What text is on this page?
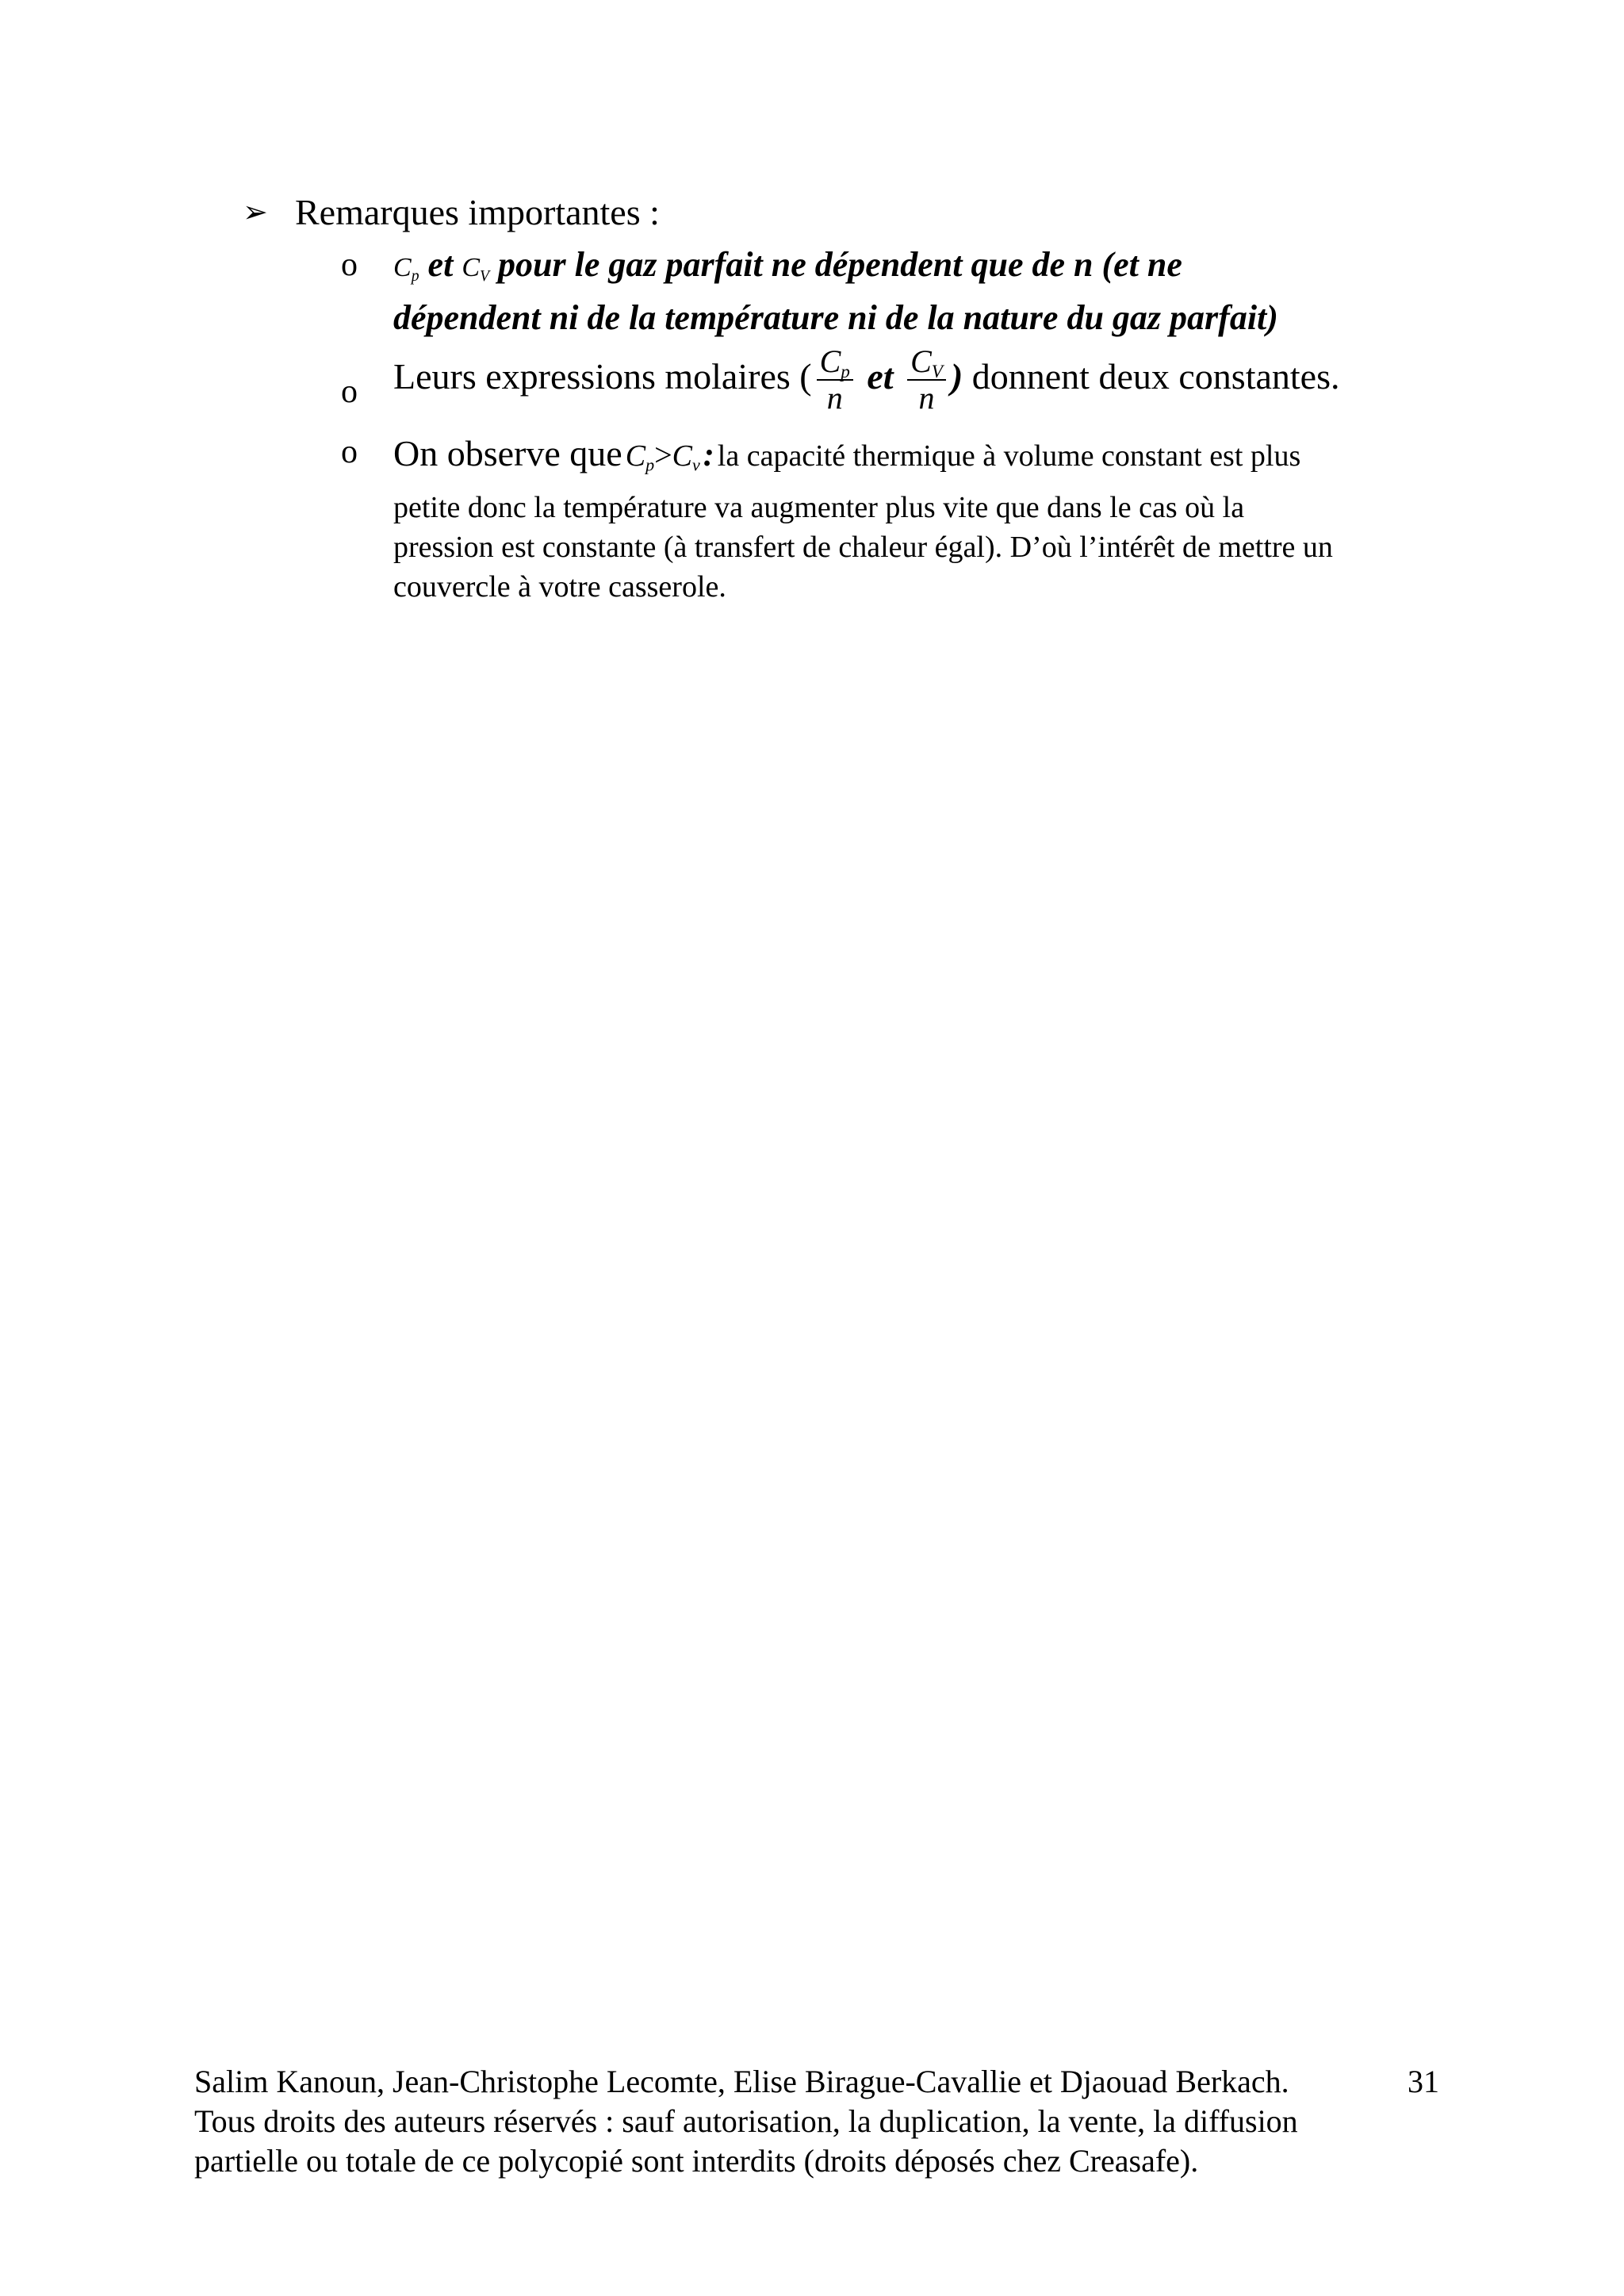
➢ Remarques importantes :
o $C_p$ et $C_V$ pour le gaz parfait ne dépendent que de n (et ne
dépendent ni de la température ni de la nature du gaz parfait)
o Leurs expressions molaires ( $\frac{C_p}{n}$ et $\frac{C_V}{n}$ ) donnent deux constantes.
o On observe que $C_p>C_v$ : la capacité thermique à volume constant est plus
petite donc la température va augmenter plus vite que dans le cas où la
pression est constante (à transfert de chaleur égal). D’où l’intérêt de mettre un
couvercle à votre casserole.
Salim Kanoun, Jean-Christophe Lecomte, Elise Birague-Cavallie et Djaouad Berkach.
Tous droits des auteurs réservés : sauf autorisation, la duplication, la vente, la diffusion
partielle ou totale de ce polycopié sont interdits (droits déposés chez Creasafe).
31
